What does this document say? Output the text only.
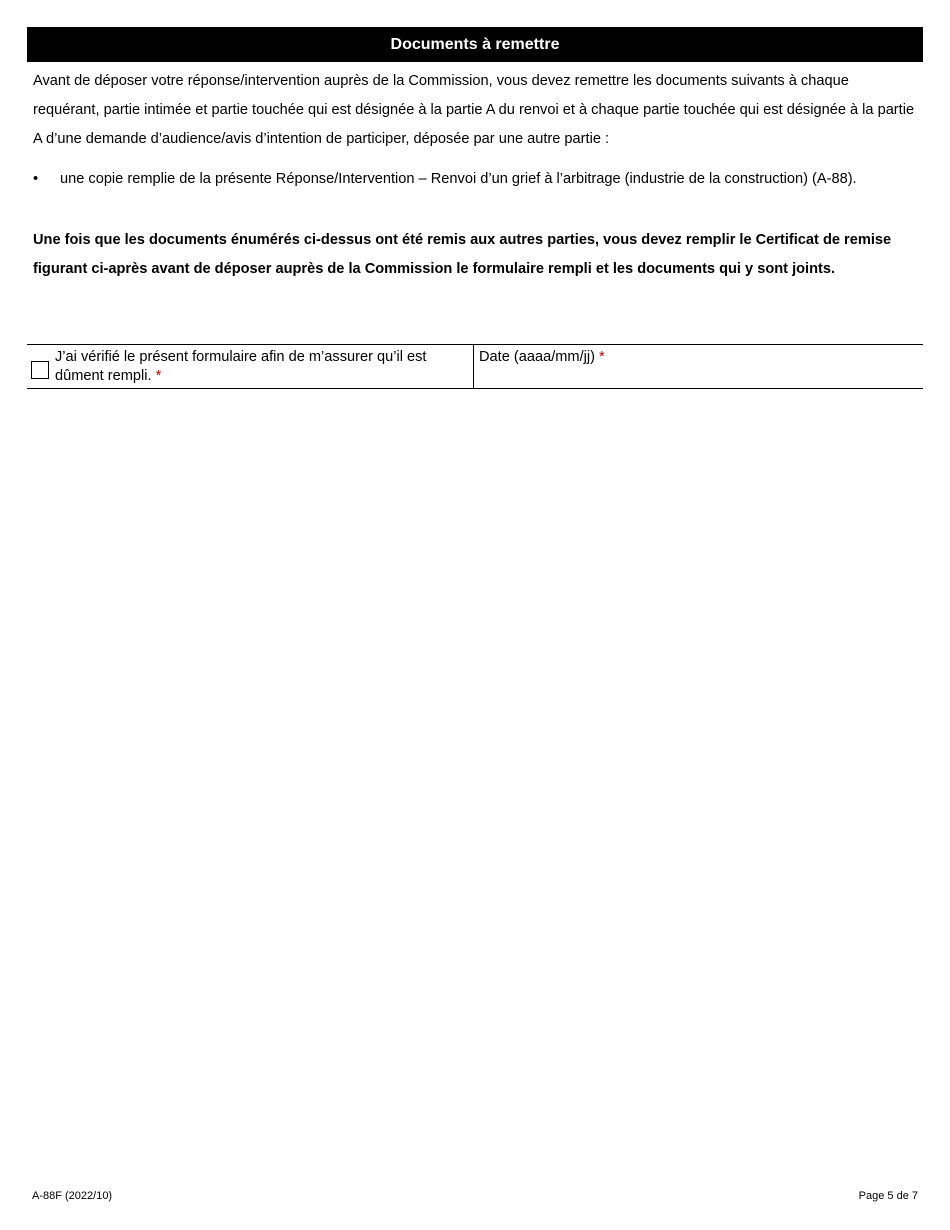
Documents à remettre

Avant de déposer votre réponse/intervention auprès de la Commission, vous devez remettre les documents suivants à chaque requérant, partie intimée et partie touchée qui est désignée à la partie A du renvoi et à chaque partie touchée qui est désignée à la partie A d’une demande d’audience/avis d’intention de participer, déposée par une autre partie :

•	une copie remplie de la présente Réponse/Intervention – Renvoi d’un grief à l’arbitrage (industrie de la construction) (A-88).

Une fois que les documents énumérés ci-dessus ont été remis aux autres parties, vous devez remplir le Certificat de remise figurant ci-après avant de déposer auprès de la Commission le formulaire rempli et les documents qui y sont joints.

J’ai vérifié le présent formulaire afin de m’assurer qu’il est dûment rempli. *
Date (aaaa/mm/jj) *
A-88F (2022/10)	Page 5 de 7
